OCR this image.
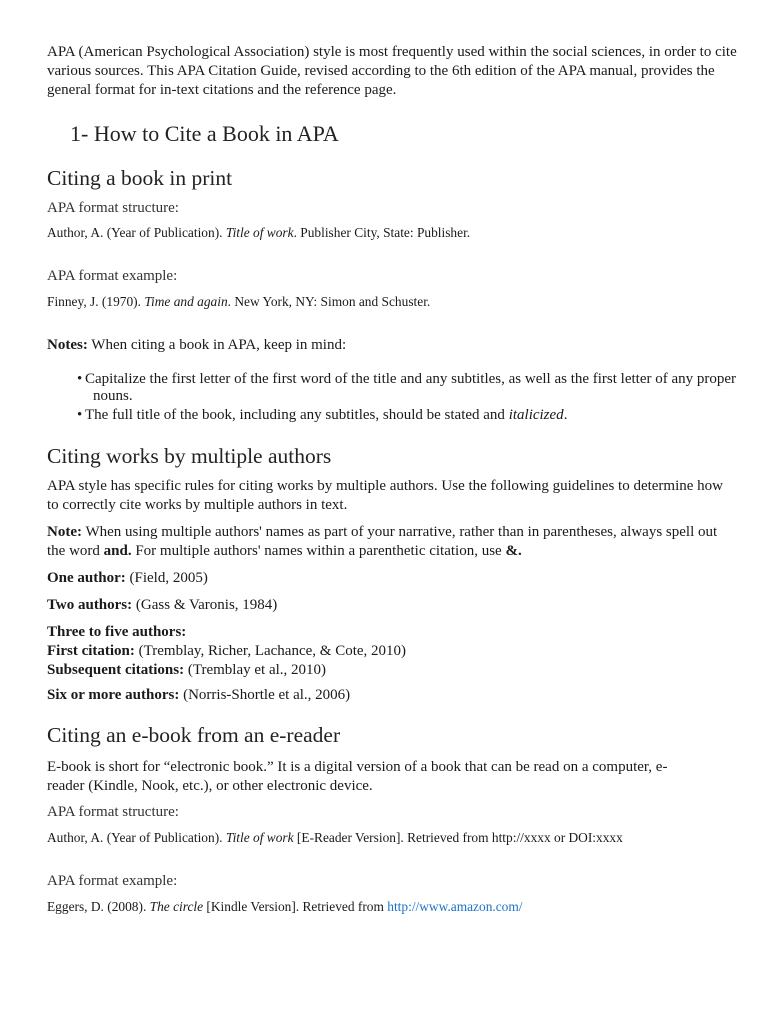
APA (American Psychological Association) style is most frequently used within the social sciences, in order to cite various sources. This APA Citation Guide, revised according to the 6th edition of the APA manual, provides the general format for in-text citations and the reference page.

1- How to Cite a Book in APA
Citing a book in print
APA format structure:
Author, A. (Year of Publication). Title of work. Publisher City, State: Publisher.
APA format example:
Finney, J. (1970). Time and again. New York, NY: Simon and Schuster.
Notes: When citing a book in APA, keep in mind:
• Capitalize the first letter of the first word of the title and any subtitles, as well as the first letter of any proper nouns.
• The full title of the book, including any subtitles, should be stated and italicized.
Citing works by multiple authors

APA style has specific rules for citing works by multiple authors. Use the following guidelines to determine how to correctly cite works by multiple authors in text.

Note: When using multiple authors' names as part of your narrative, rather than in parentheses, always spell out the word and. For multiple authors' names within a parenthetic citation, use &.

One author: (Field, 2005)
Two authors: (Gass & Varonis, 1984)
Three to five authors:
First citation: (Tremblay, Richer, Lachance, & Cote, 2010)
Subsequent citations: (Tremblay et al., 2010)
Six or more authors: (Norris-Shortle et al., 2006)
Citing an e-book from an e-reader

E-book is short for “electronic book.” It is a digital version of a book that can be read on a computer, e-reader (Kindle, Nook, etc.), or other electronic device.

APA format structure:
Author, A. (Year of Publication). Title of work [E-Reader Version]. Retrieved from http://xxxx or DOI:xxxx
APA format example:
Eggers, D. (2008). The circle [Kindle Version]. Retrieved from http://www.amazon.com/
